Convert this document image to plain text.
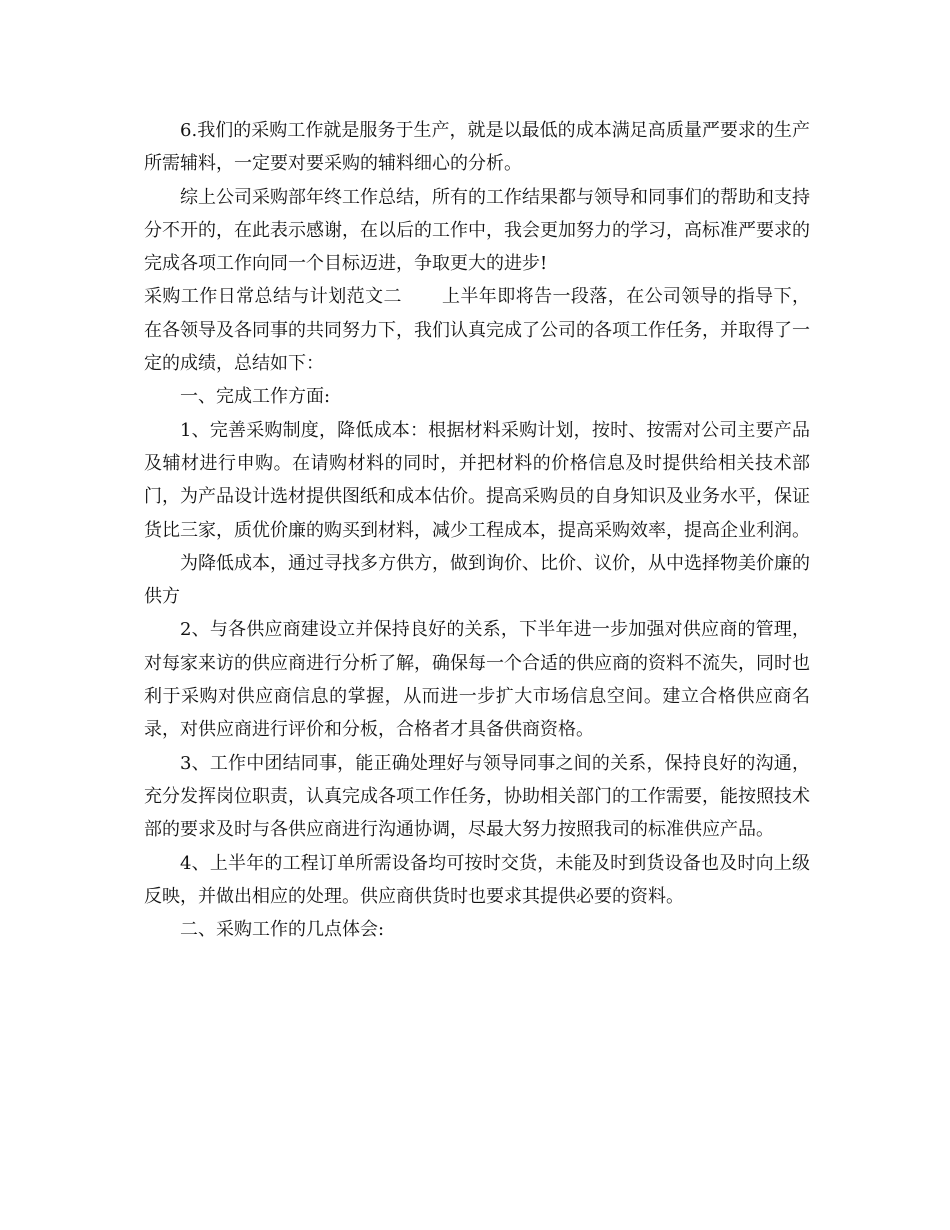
6.我们的采购工作就是服务于生产，就是以最低的成本满足高质量严要求的生产所需辅料，一定要对要采购的辅料细心的分析。

综上公司采购部年终工作总结，所有的工作结果都与领导和同事们的帮助和支持分不开的，在此表示感谢，在以后的工作中，我会更加努力的学习，高标准严要求的完成各项工作向同一个目标迈进，争取更大的进步!

采购工作日常总结与计划范文二 上半年即将告一段落，在公司领导的指导下，在各领导及各同事的共同努力下，我们认真完成了公司的各项工作任务，并取得了一定的成绩，总结如下：

一、完成工作方面:

1、完善采购制度，降低成本：根据材料采购计划，按时、按需对公司主要产品及辅材进行申购。在请购材料的同时，并把材料的价格信息及时提供给相关技术部门，为产品设计选材提供图纸和成本估价。提高采购员的自身知识及业务水平，保证货比三家，质优价廉的购买到材料，减少工程成本，提高采购效率，提高企业利润。

为降低成本，通过寻找多方供方，做到询价、比价、议价，从中选择物美价廉的供方

2、与各供应商建设立并保持良好的关系，下半年进一步加强对供应商的管理，对每家来访的供应商进行分析了解，确保每一个合适的供应商的资料不流失，同时也利于采购对供应商信息的掌握，从而进一步扩大市场信息空间。建立合格供应商名录，对供应商进行评价和分板，合格者才具备供商资格。

3、工作中团结同事，能正确处理好与领导同事之间的关系，保持良好的沟通，充分发挥岗位职责，认真完成各项工作任务，协助相关部门的工作需要，能按照技术部的要求及时与各供应商进行沟通协调，尽最大努力按照我司的标准供应产品。

4、上半年的工程订单所需设备均可按时交货，未能及时到货设备也及时向上级反映，并做出相应的处理。供应商供货时也要求其提供必要的资料。

二、采购工作的几点体会:
